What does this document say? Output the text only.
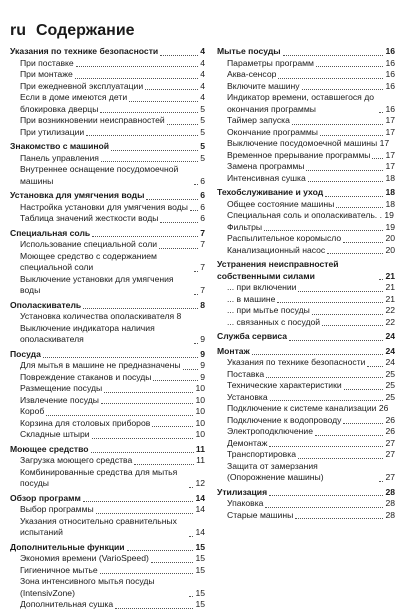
ru Содержание
Указания по технике безопасности	4
При поставке	4
При монтаже	4
При ежедневной эксплуатации	4
Если в доме имеются дети	4
блокировка дверцы	5
При возникновении неисправностей	5
При утилизации	5
Знакомство с машиной	5
Панель управления	5
Внутреннее оснащение посудомоечной машины	6
Установка для умягчения воды	6
Настройка установки для умягчения воды 6
Таблица значений жесткости воды	6
Специальная соль	7
Использование специальной соли	7
Моющее средство с содержанием специальной соли	7
Выключение установки для умягчения воды	7
Ополаскиватель	8
Установка количества ополаскивателя 8
Выключение индикатора наличия ополаскивателя	9
Посуда	9
Для мытья в машине не предназначены 9
Повреждение стаканов и посуды	9
Размещение посуды	10
Извлечение посуды	10
Короб	10
Корзина для столовых приборов	10
Складные штыри	10
Моющее средство	11
Загрузка моющего средства	11
Комбинированные средства для мытья посуды	12
Обзор программ	14
Выбор программы	14
Указания относительно сравнительных испытаний	14
Дополнительные функции	15
Экономия времени (VarioSpeed)	15
Гигиеничное мытье	15
Зона интенсивного мытья посуды (IntensivZone)	15
Дополнительная сушка	15
Мытье посуды	16
Параметры программ	16
Аква-сенсор	16
Включите машину	16
Индикатор времени, оставшегося до окончания программы	16
Таймер запуска	17
Окончание программы	17
Выключение посудомоечной машины 17
Временное прерывание программы 17
Замена программы	17
Интенсивная сушка	18
Техобслуживание и уход	18
Общее состояние машины	18
Специальная соль и ополаскиватель. . 19
Фильтры	19
Распылительное коромысло	20
Канализационный насос	20
Устранения неисправностей собственными силами	21
... при включении	21
... в машине	21
... при мытье посуды	22
... связанных с посудой	22
Служба сервиса	24
Монтаж	24
Указания по технике безопасности 24
Поставка	25
Технические характеристики	25
Установка	25
Подключение к системе канализации 26
Подключение к водопроводу	26
Электроподключение	26
Демонтаж	27
Транспортировка	27
Защита от замерзания (Опорожнение машины)	27
Утилизация	28
Упаковка	28
Старые машины	28
